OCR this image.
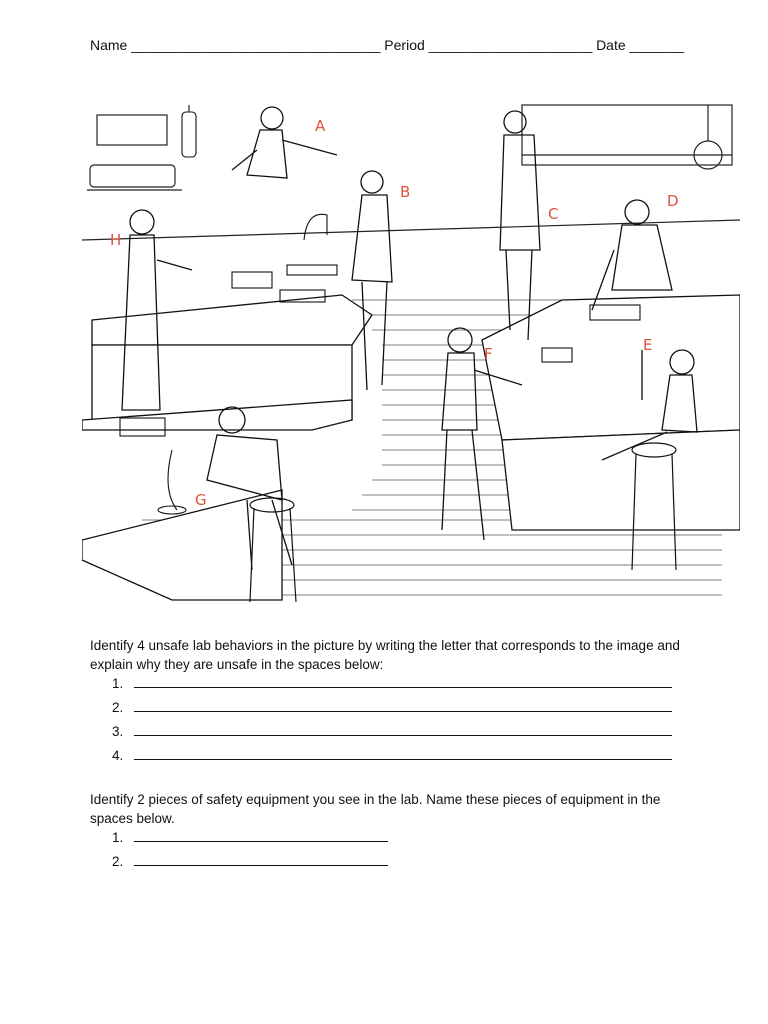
Name ________________________________ Period _____________________ Date _______
A
B
C
D
E
F
G
H
Identify 4 unsafe lab behaviors in the picture by writing the letter that corresponds to the image and explain why they are unsafe in the spaces below:
1.
2.
3.
4.
Identify 2 pieces of safety equipment you see in the lab. Name these pieces of equipment in the spaces below.
1.
2.
